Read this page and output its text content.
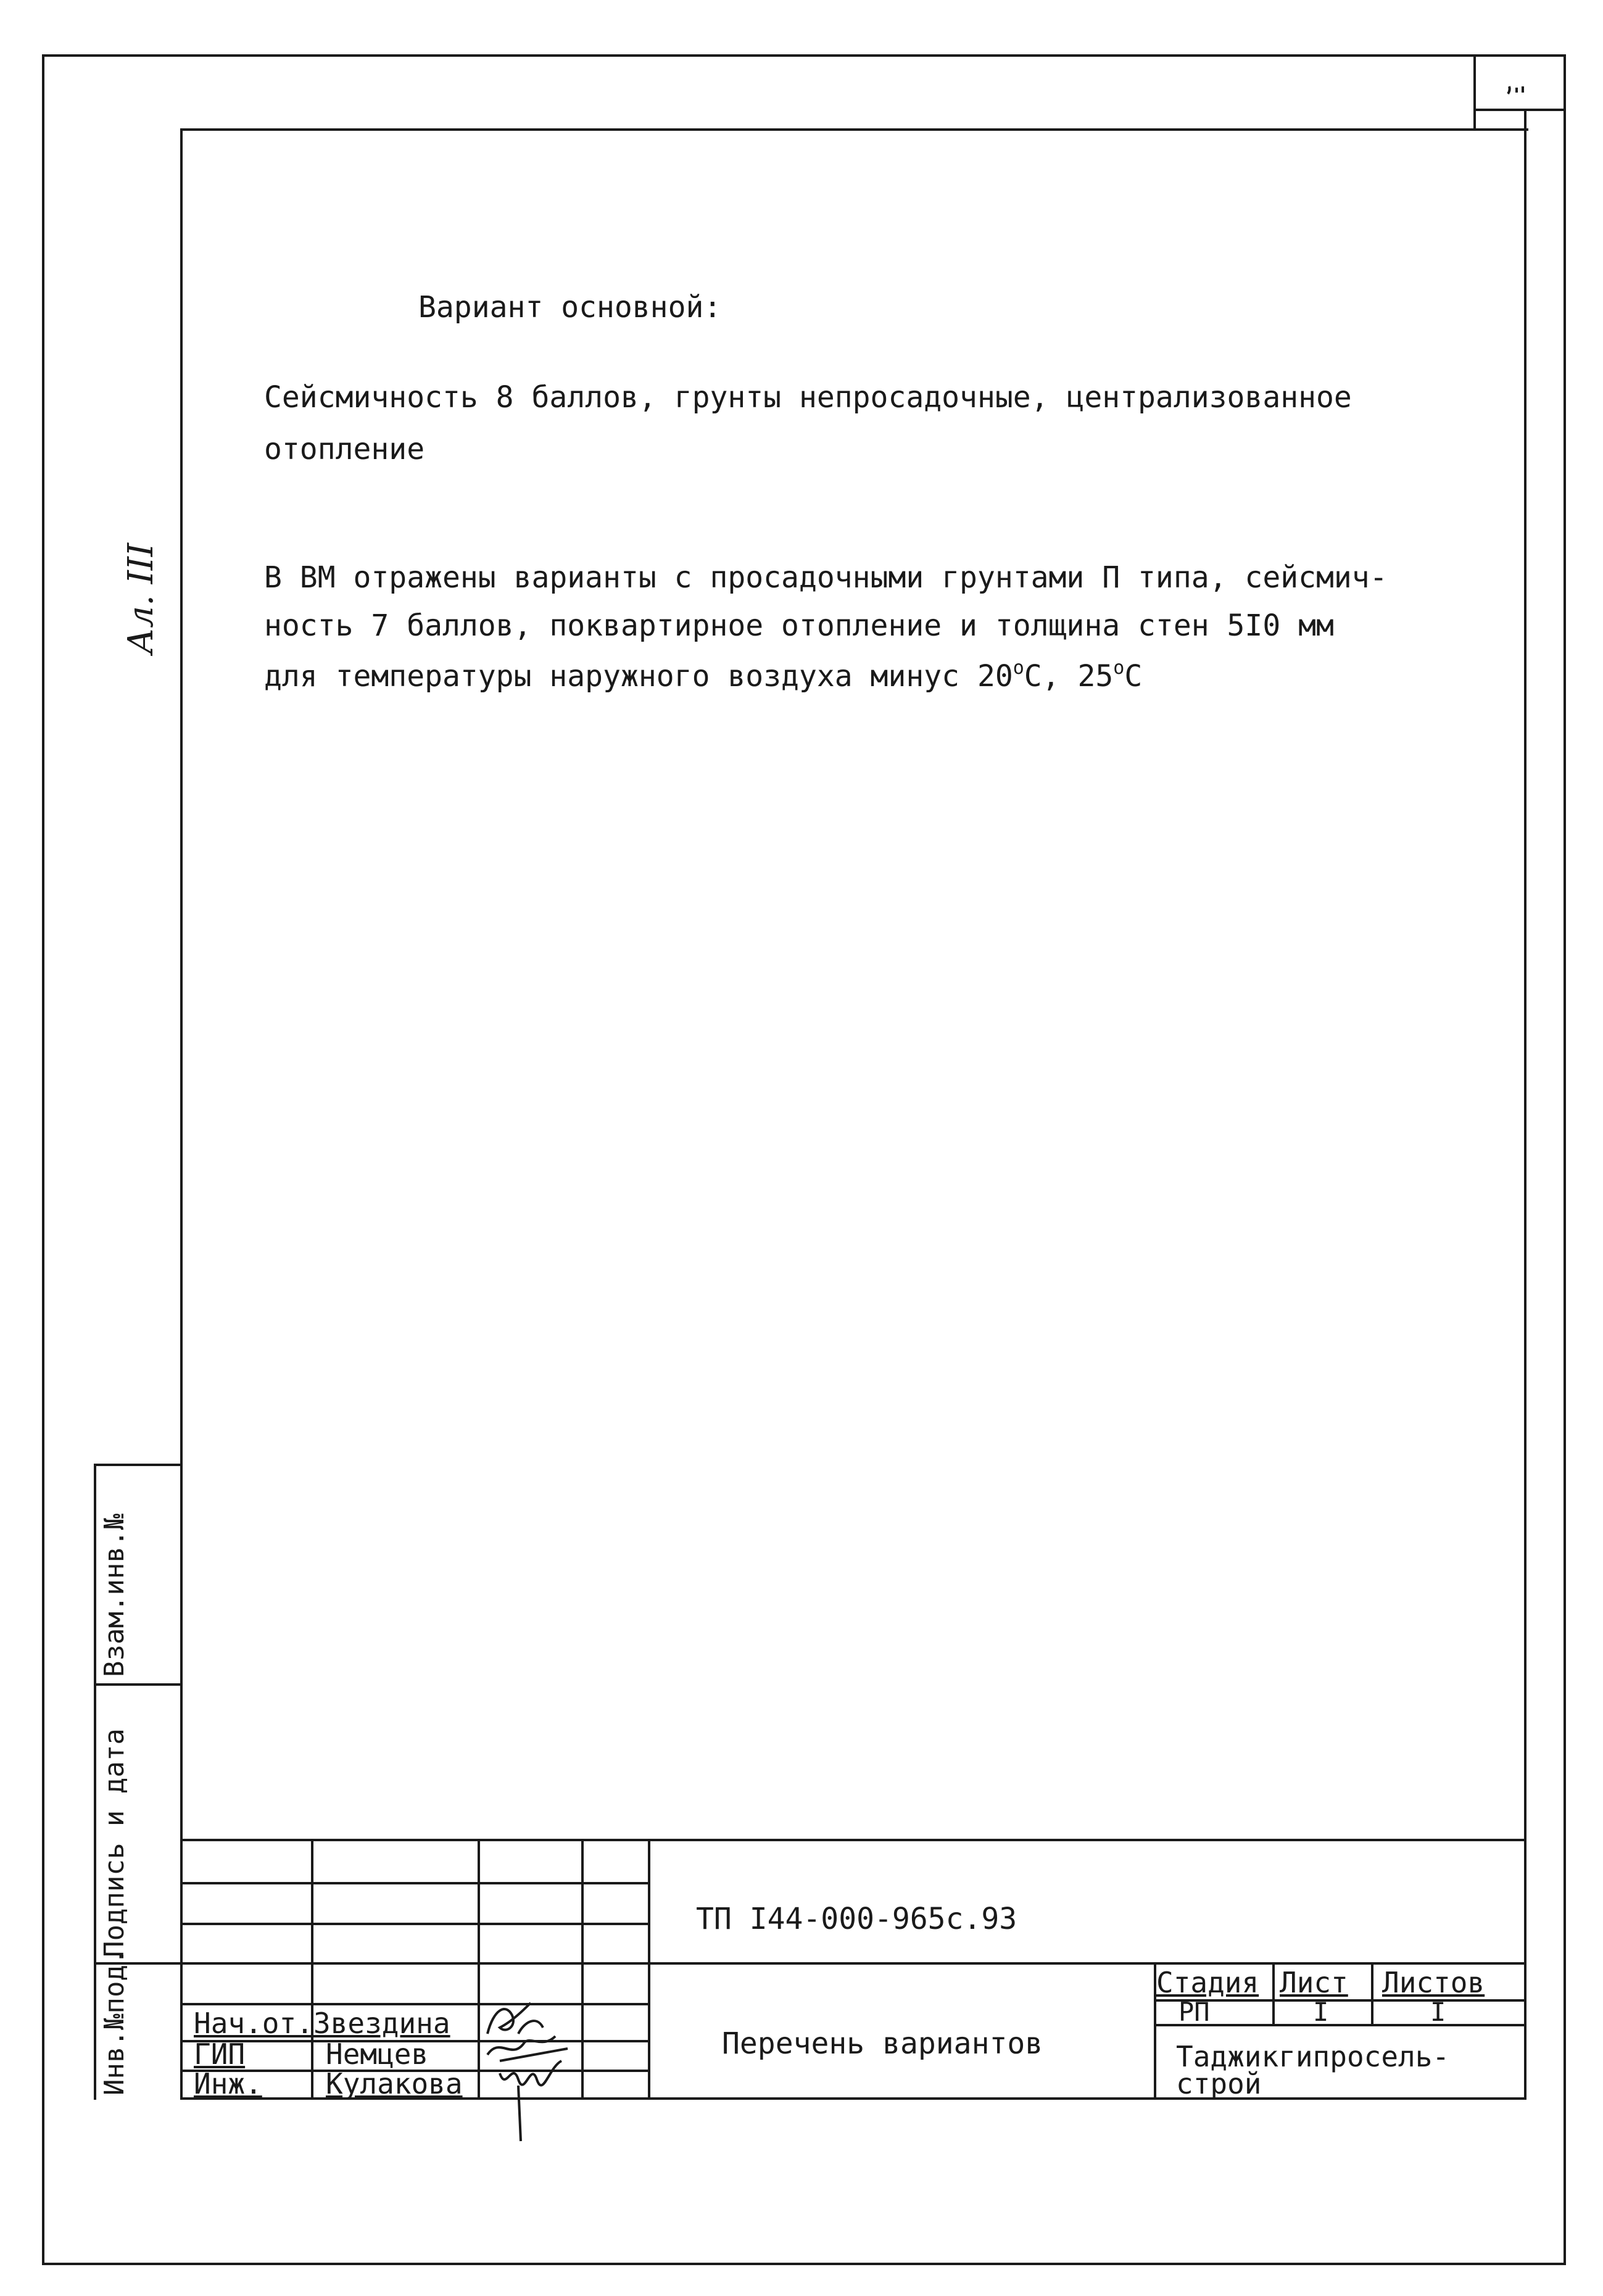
Взам.инв.№
Подпись и дата
Инв.№под.
Ал. III
Вариант основной:
Сейсмичность 8 баллов, грунты непросадочные, централизованное
отопление
В ВМ отражены варианты с просадочными грунтами П типа, сейсмич-
ность 7 баллов, поквартирное отопление и толщина стен 5I0 мм
для температуры наружного воздуха минус $20^оС$, $25^оС$
ТП I44-000-965с.93
Перечень вариантов
Стадия Лист Листов
РП	I	I
Таджикгипросель-
строй
Нач.от. Звездина
ГИП	Немцев
Инж. Кулакова
